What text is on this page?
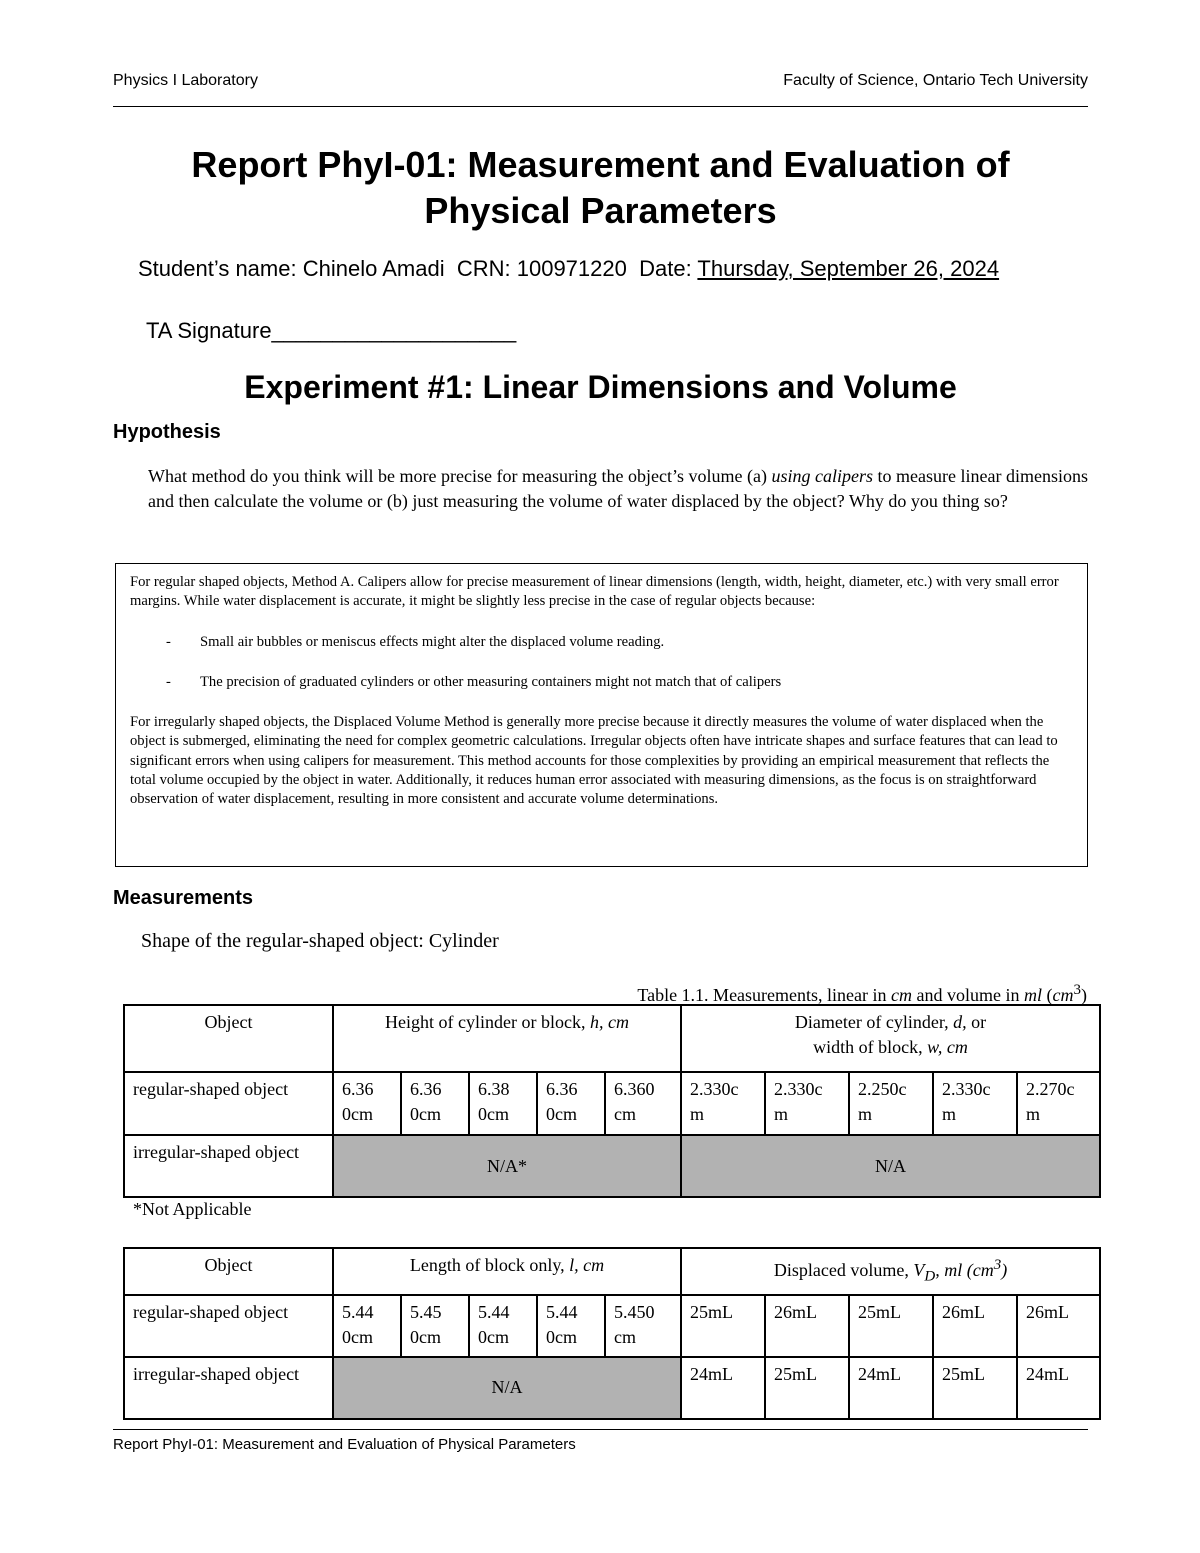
Physics I Laboratory	Faculty of Science, Ontario Tech University
Report PhyI-01: Measurement and Evaluation of
Physical Parameters
Student’s name: Chinelo Amadi CRN: 100971220 Date: Thursday, September 26, 2024
TA Signature____________________
Experiment #1: Linear Dimensions and Volume
Hypothesis
What method do you think will be more precise for measuring the object’s volume (a) using calipers to measure linear dimensions and then calculate the volume or (b) just measuring the volume of water displaced by the object? Why do you thing so?

For regular shaped objects, Method A. Calipers allow for precise measurement of linear dimensions (length, width, height, diameter, etc.) with very small error margins. While water displacement is accurate, it might be slightly less precise in the case of regular objects because:

- Small air bubbles or meniscus effects might alter the displaced volume reading.

- The precision of graduated cylinders or other measuring containers might not match that of calipers

For irregularly shaped objects, the Displaced Volume Method is generally more precise because it directly measures the volume of water displaced when the object is submerged, eliminating the need for complex geometric calculations. Irregular objects often have intricate shapes and surface features that can lead to significant errors when using calipers for measurement. This method accounts for those complexities by providing an empirical measurement that reflects the total volume occupied by the object in water. Additionally, it reduces human error associated with measuring dimensions, as the focus is on straightforward observation of water displacement, resulting in more consistent and accurate volume determinations.

Measurements
Shape of the regular-shaped object: Cylinder
Table 1.1. Measurements, linear in cm and volume in ml $(cm^3)$
Object	Height of cylinder or block, h, cm					Diameter of cylinder, d, or
width of block, w, cm				
regular-shaped object	6.36 0cm	6.36 0cm	6.38 0cm	6.36 0cm	6.360 cm	2.330c m	2.330c m	2.250c m	2.330c m	2.270c m
irregular-shaped object	N/A*					N/A				
*Not Applicable
Object	Length of block only, l, cm					Displaced volume, $V_D$, ml $(cm^3)$				
regular-shaped object	5.44 0cm	5.45 0cm	5.44 0cm	5.44 0cm	5.450 cm	25mL	26mL	25mL	26mL	26mL
irregular-shaped object	N/A					24mL	25mL	24mL	25mL	24mL
Report PhyI-01: Measurement and Evaluation of Physical Parameters
